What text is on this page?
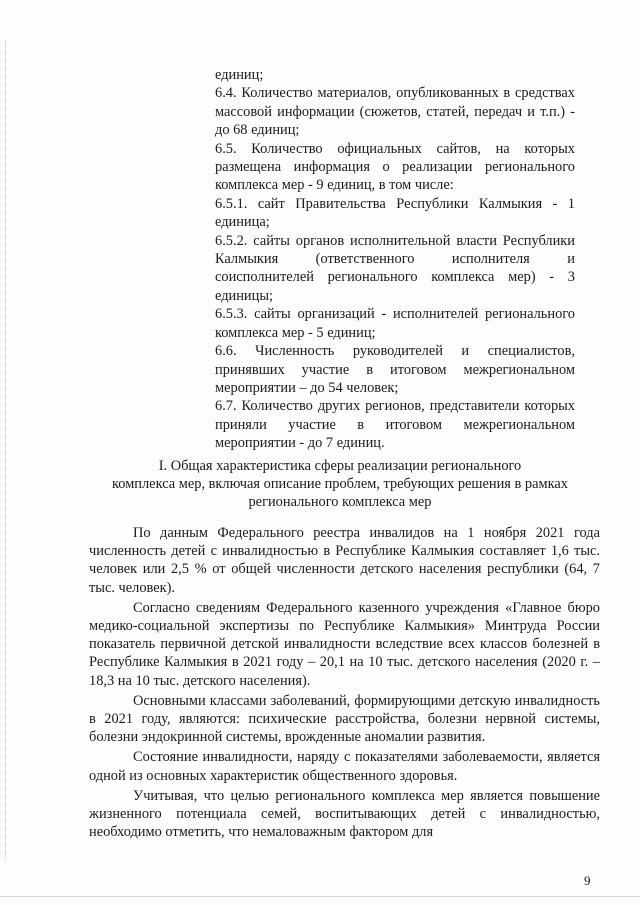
единиц;

6.4. Количество материалов, опубликованных в средствах массовой информации (сюжетов, статей, передач и т.п.) - до 68 единиц;

6.5. Количество официальных сайтов, на которых размещена информация о реализации регионального комплекса мер - 9 единиц, в том числе:

6.5.1. сайт Правительства Республики Калмыкия - 1 единица;

6.5.2. сайты органов исполнительной власти Республики Калмыкия (ответственного исполнителя и соисполнителей регионального комплекса мер) - 3 единицы;

6.5.3. сайты организаций - исполнителей регионального комплекса мер - 5 единиц;

6.6. Численность руководителей и специалистов, принявших участие в итоговом межрегиональном мероприятии – до 54 человек;

6.7. Количество других регионов, представители которых приняли участие в итоговом межрегиональном мероприятии - до 7 единиц.

I. Общая характеристика сферы реализации регионального
комплекса мер, включая описание проблем, требующих решения в рамках
регионального комплекса мер

По данным Федерального реестра инвалидов на 1 ноября 2021 года численность детей с инвалидностью в Республике Калмыкия составляет 1,6 тыс. человек или 2,5 % от общей численности детского населения республики (64, 7 тыс. человек).

Согласно сведениям Федерального казенного учреждения «Главное бюро медико-социальной экспертизы по Республике Калмыкия» Минтруда России показатель первичной детской инвалидности вследствие всех классов болезней в Республике Калмыкия в 2021 году – 20,1 на 10 тыс. детского населения (2020 г. – 18,3 на 10 тыс. детского населения).

Основными классами заболеваний, формирующими детскую инвалидность в 2021 году, являются: психические расстройства, болезни нервной системы, болезни эндокринной системы, врожденные аномалии развития.

Состояние инвалидности, наряду с показателями заболеваемости, является одной из основных характеристик общественного здоровья.

Учитывая, что целью регионального комплекса мер является повышение жизненного потенциала семей, воспитывающих детей с инвалидностью, необходимо отметить, что немаловажным фактором для

9
